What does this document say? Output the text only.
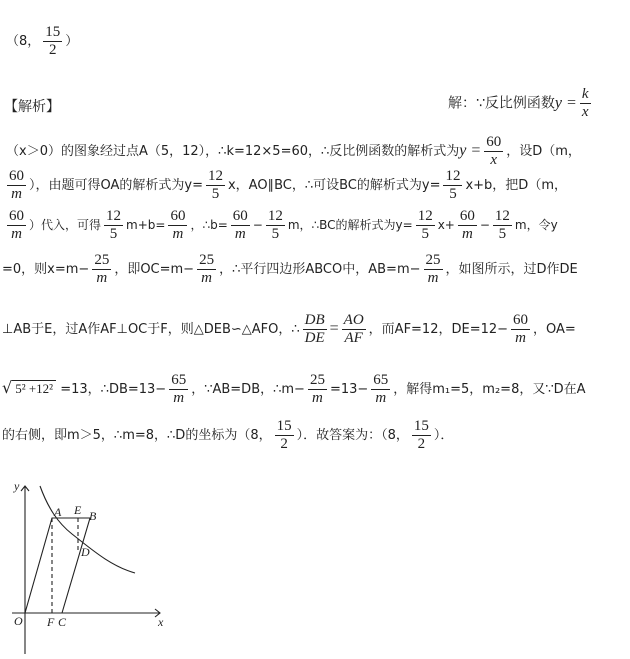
（8， $\frac{15}{2}$ ）
【解析】	解：∵反比例函数$y = \frac{k}{x}$
（x＞0）的图象经过点A（5，12），∴k=12×5=60，∴反比例函数的解析式为$y = \frac{60}{x}$ ，设D（m，
$\frac{60}{m}$ ），由题可得OA的解析式为$y= \frac{12}{5}$ x，AO∥BC，∴可设BC的解析式为$y= \frac{12}{5} x+b$，把D（m，
$\frac{60}{m}$ ）代入，可得 $\frac{12}{5} m+b= \frac{60}{m}$ ，∴b= $\frac{60}{m} - \frac{12}{5}$ m，∴BC的解析式为$y= \frac{12}{5} x+ \frac{60}{m} - \frac{12}{5}$ m，令y
=0，则$x=m- \frac{25}{m}$ ，即$OC=m- \frac{25}{m}$ ，∴平行四边形ABCO中，$AB=m- \frac{25}{m}$ ，如图所示，过D作DE
⊥AB于E，过A作AF⊥OC于F，则△DEB∽△AFO，∴ $\frac{DB}{DE} = \frac{AO}{AF}$ ，而AF=12，$DE=12- \frac{60}{m}$ ，OA=
√ 5² +12² =13，∴DB=13− $\frac{65}{m}$ ，∵AB=DB，∴m− $\frac{25}{m} =13- \frac{65}{m}$ ，解得m₁=5，m₂=8，又∵D在A
的右侧，即m＞5，∴m=8，∴D的坐标为（8， $\frac{15}{2}$ ）．故答案为：（8， $\frac{15}{2}$ ）．
y
x
O
A E B
D
F C
